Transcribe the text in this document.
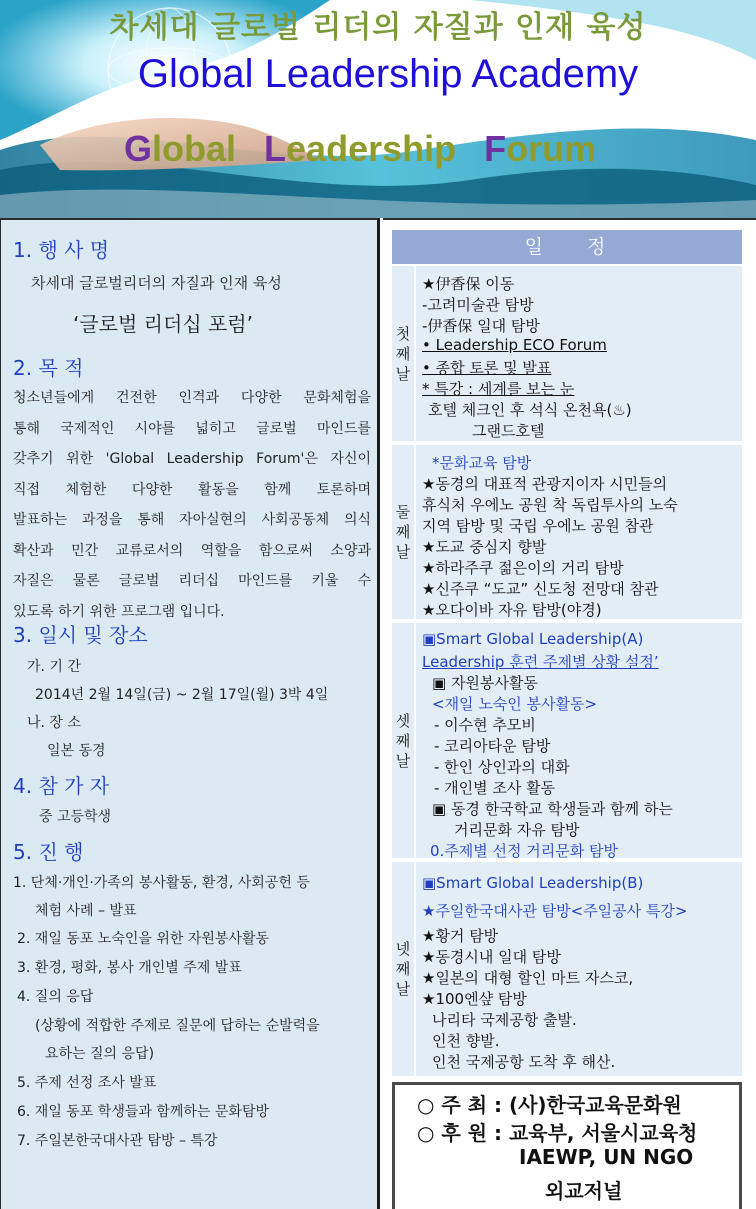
차세대 글로벌 리더의 자질과 인재 육성
Global Leadership Academy
Global Leadership Forum
1. 행 사 명
차세대 글로벌리더의 자질과 인재 육성
‘글로벌 리더십 포럼’
2. 목 적
청소년들에게 건전한 인격과 다양한 문화체험을
통해 국제적인 시야를 넓히고 글로벌 마인드를
갖추기 위한 'Global Leadership Forum'은 자신이
직접 체험한 다양한 활동을 함께 토론하며
발표하는 과정을 통해 자아실현의 사회공동체 의식
확산과 민간 교류로서의 역할을 함으로써 소양과
자질은 물론 글로벌 리더십 마인드를 키울 수
있도록 하기 위한 프로그램 입니다.
3. 일시 및 장소
가. 기 간
2014년 2월 14일(금) ~ 2월 17일(월) 3박 4일
나. 장 소
일본 동경
4. 참 가 자
중 고등학생
5. 진 행
1. 단체·개인·가족의 봉사활동, 환경, 사회공헌 등
체험 사례 – 발표
2. 재일 동포 노숙인을 위한 자원봉사활동
3. 환경, 평화, 봉사 개인별 주제 발표
4. 질의 응답
(상황에 적합한 주제로 질문에 답하는 순발력을
요하는 질의 응답)
5. 주제 선정 조사 발표
6. 재일 동포 학생들과 함께하는 문화탐방
7. 주일본한국대사관 탐방 – 특강
일정
첫
째
날
★伊香保 이동
-고려미술관 탐방
-伊香保 일대 탐방
• Leadership ECO Forum
• 종합 토론 및 발표
* 특강 : 세계를 보는 눈
호텔 체크인 후 석식 온천욕(♨)
그랜드호텔
둘
째
날
*문화교육 탐방
★동경의 대표적 관광지이자 시민들의
휴식처 우에노 공원 착 독립투사의 노숙
지역 탐방 및 국립 우에노 공원 참관
★도교 중심지 향발
★하라주쿠 젊은이의 거리 탐방
★신주쿠 “도교” 신도청 전망대 참관
★오다이바 자유 탐방(야경)
셋
째
날
▣Smart Global Leadership(A)
Leadership 훈련 주제별 상황 설정’
▣ 자원봉사활동
<재일 노숙인 봉사활동>
- 이수현 추모비
- 코리아타운 탐방
- 한인 상인과의 대화
- 개인별 조사 활동
▣ 동경 한국학교 학생들과 함께 하는
거리문화 자유 탐방
0.주제별 선정 거리문화 탐방
넷
째
날
▣Smart Global Leadership(B)
★주일한국대사관 탐방<주일공사 특강>
★황거 탐방
★동경시내 일대 탐방
★일본의 대형 할인 마트 자스코,
★100엔샾 탐방
나리타 국제공항 출발.
인천 향발.
인천 국제공항 도착 후 해산.
○ 주 최 : (사)한국교육문화원
○ 후 원 : 교육부, 서울시교육청
IAEWP, UN NGO
외교저널
